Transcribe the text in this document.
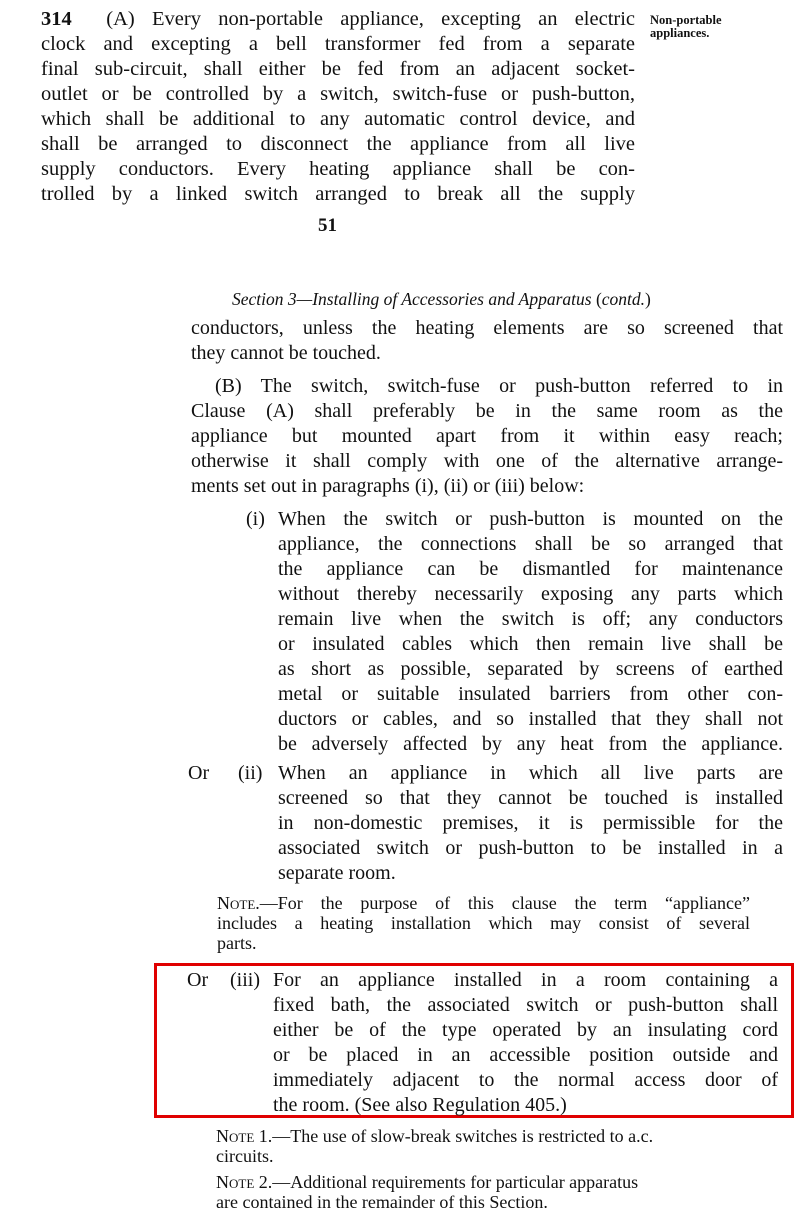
314 (A) Every non-portable appliance, excepting an electric
clock and excepting a bell transformer fed from a separate
final sub-circuit, shall either be fed from an adjacent socket-
outlet or be controlled by a switch, switch-fuse or push-button,
which shall be additional to any automatic control device, and
shall be arranged to disconnect the appliance from all live
supply conductors. Every heating appliance shall be con-
trolled by a linked switch arranged to break all the supply
Non-portable
appliances.
51
Section 3—Installing of Accessories and Apparatus (contd.)
conductors, unless the heating elements are so screened that
they cannot be touched.
(B) The switch, switch-fuse or push-button referred to in
Clause (A) shall preferably be in the same room as the
appliance but mounted apart from it within easy reach;
otherwise it shall comply with one of the alternative arrange-
ments set out in paragraphs (i), (ii) or (iii) below:
(i) When the switch or push-button is mounted on the
appliance, the connections shall be so arranged that
the appliance can be dismantled for maintenance
without thereby necessarily exposing any parts which
remain live when the switch is off; any conductors
or insulated cables which then remain live shall be
as short as possible, separated by screens of earthed
metal or suitable insulated barriers from other con-
ductors or cables, and so installed that they shall not
be adversely affected by any heat from the appliance.
Or (ii) When an appliance in which all live parts are
screened so that they cannot be touched is installed
in non-domestic premises, it is permissible for the
associated switch or push-button to be installed in a
separate room.
Note.—For the purpose of this clause the term “appliance”
includes a heating installation which may consist of several
parts.
Or (iii) For an appliance installed in a room containing a
fixed bath, the associated switch or push-button shall
either be of the type operated by an insulating cord
or be placed in an accessible position outside and
immediately adjacent to the normal access door of
the room. (See also Regulation 405.)
Note 1.—The use of slow-break switches is restricted to a.c.
circuits.
Note 2.—Additional requirements for particular apparatus
are contained in the remainder of this Section.
